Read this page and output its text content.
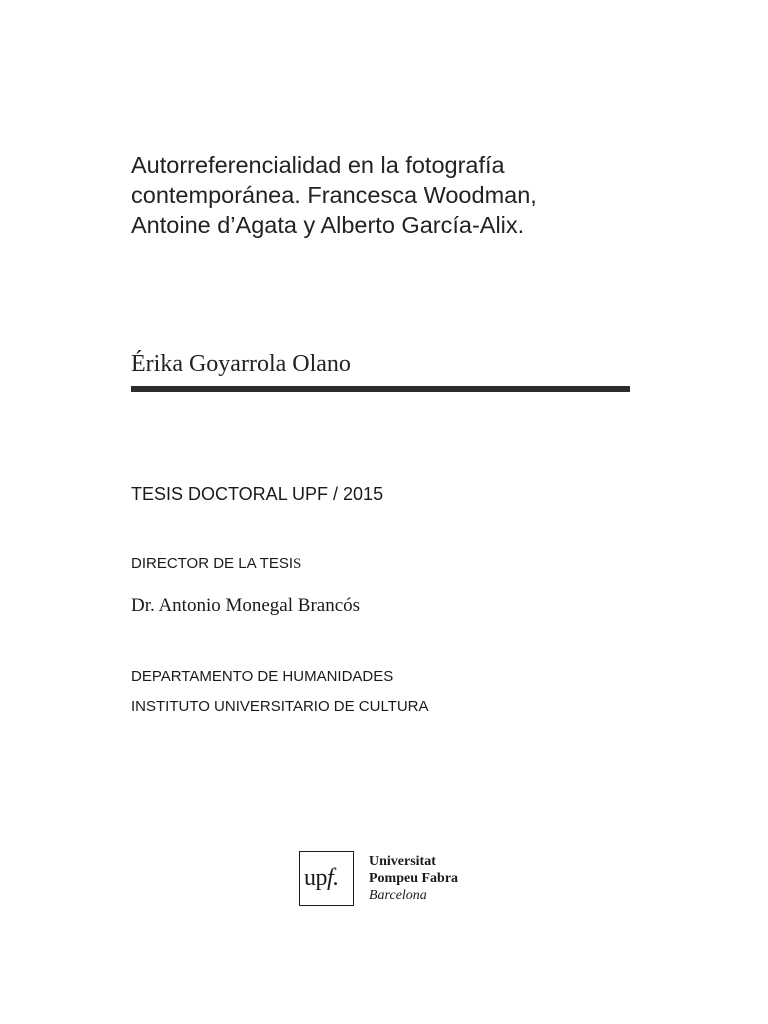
Autorreferencialidad en la fotografía
contemporánea. Francesca Woodman,
Antoine d’Agata y Alberto García-Alix.
Érika Goyarrola Olano
TESIS DOCTORAL UPF / 2015
DIRECTOR DE LA TESIS
Dr. Antonio Monegal Brancós
DEPARTAMENTO DE HUMANIDADES
INSTITUTO UNIVERSITARIO DE CULTURA
upf.
Universitat
Pompeu Fabra
Barcelona
